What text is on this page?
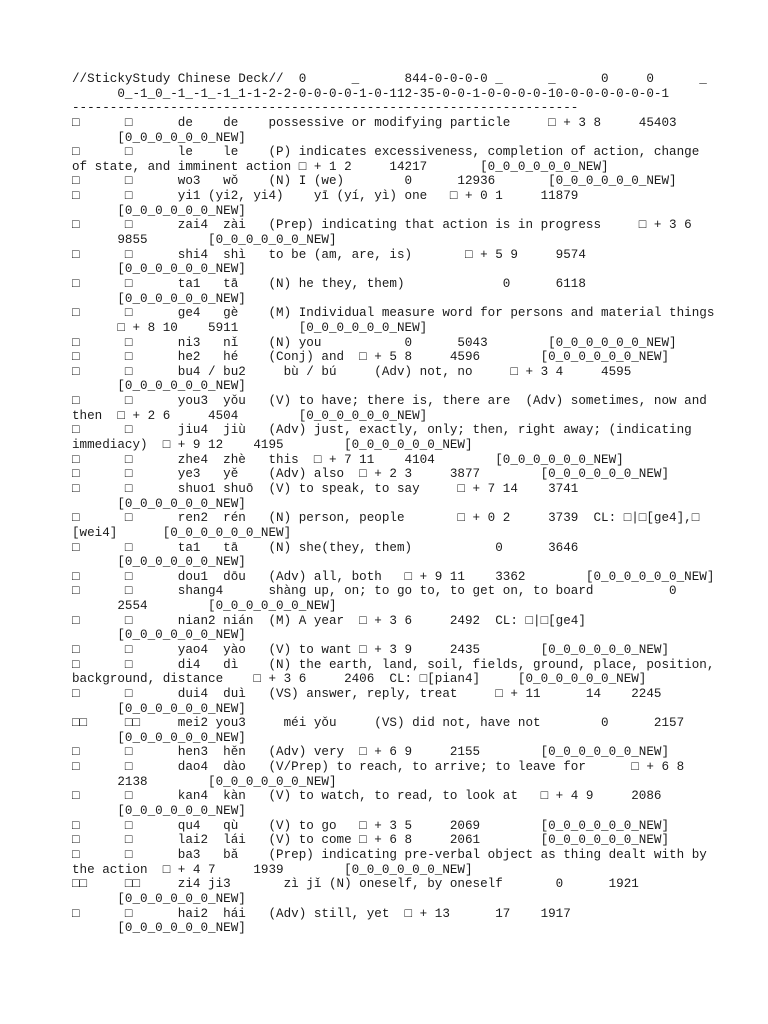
//StickyStudy Chinese Deck//  0      _      844-0-0-0-0 _      _      0     0      _
0_-1_0_-1_-1_-1_1-1-2-2-0-0-0-0-1-0-112-35-0-0-1-0-0-0-0-10-0-0-0-0-0-0-1
-------------------------------------------------------------------
□      □      de    de    possessive or modifying particle     □ + 3 8     45403
[0_0_0_0_0_0_NEW]
□      □      le    le    (P) indicates excessiveness, completion of action, change
of state, and imminent action □ + 1 2     14217       [0_0_0_0_0_0_NEW]
□      □      wo3   wǒ    (N) I (we)        0      12936       [0_0_0_0_0_0_NEW]
□      □      yi1 (yi2, yi4)    yī (yí, yì) one   □ + 0 1     11879
[0_0_0_0_0_0_NEW]
□      □      zai4  zài   (Prep) indicating that action is in progress     □ + 3 6
9855        [0_0_0_0_0_0_NEW]
□      □      shi4  shì   to be (am, are, is)       □ + 5 9     9574
[0_0_0_0_0_0_NEW]
□      □      ta1   tā    (N) he they, them)             0      6118
[0_0_0_0_0_0_NEW]
□      □      ge4   gè    (M) Individual measure word for persons and material things
□ + 8 10    5911        [0_0_0_0_0_0_NEW]
□      □      ni3   nǐ    (N) you           0      5043        [0_0_0_0_0_0_NEW]
□      □      he2   hé    (Conj) and  □ + 5 8     4596        [0_0_0_0_0_0_NEW]
□      □      bu4 / bu2     bù / bú     (Adv) not, no     □ + 3 4     4595
[0_0_0_0_0_0_NEW]
□      □      you3  yǒu   (V) to have; there is, there are  (Adv) sometimes, now and
then  □ + 2 6     4504        [0_0_0_0_0_0_NEW]
□      □      jiu4  jiù   (Adv) just, exactly, only; then, right away; (indicating
immediacy)  □ + 9 12    4195        [0_0_0_0_0_0_NEW]
□      □      zhe4  zhè   this  □ + 7 11    4104        [0_0_0_0_0_0_NEW]
□      □      ye3   yě    (Adv) also  □ + 2 3     3877        [0_0_0_0_0_0_NEW]
□      □      shuo1 shuō  (V) to speak, to say     □ + 7 14    3741
[0_0_0_0_0_0_NEW]
□      □      ren2  rén   (N) person, people       □ + 0 2     3739  CL: □|□[ge4],□
[wei4]      [0_0_0_0_0_0_NEW]
□      □      ta1   tā    (N) she(they, them)           0      3646
[0_0_0_0_0_0_NEW]
□      □      dou1  dōu   (Adv) all, both   □ + 9 11    3362        [0_0_0_0_0_0_NEW]
□      □      shang4      shàng up, on; to go to, to get on, to board          0
2554        [0_0_0_0_0_0_NEW]
□      □      nian2 nián  (M) A year  □ + 3 6     2492  CL: □|□[ge4]
[0_0_0_0_0_0_NEW]
□      □      yao4  yào   (V) to want □ + 3 9     2435        [0_0_0_0_0_0_NEW]
□      □      di4   dì    (N) the earth, land, soil, fields, ground, place, position,
background, distance    □ + 3 6     2406  CL: □[pian4]     [0_0_0_0_0_0_NEW]
□      □      dui4  duì   (VS) answer, reply, treat     □ + 11      14    2245
[0_0_0_0_0_0_NEW]
□□     □□     mei2 you3     méi yǒu     (VS) did not, have not        0      2157
[0_0_0_0_0_0_NEW]
□      □      hen3  hěn   (Adv) very  □ + 6 9     2155        [0_0_0_0_0_0_NEW]
□      □      dao4  dào   (V/Prep) to reach, to arrive; to leave for      □ + 6 8
2138        [0_0_0_0_0_0_NEW]
□      □      kan4  kàn   (V) to watch, to read, to look at   □ + 4 9     2086
[0_0_0_0_0_0_NEW]
□      □      qu4   qù    (V) to go   □ + 3 5     2069        [0_0_0_0_0_0_NEW]
□      □      lai2  lái   (V) to come □ + 6 8     2061        [0_0_0_0_0_0_NEW]
□      □      ba3   bǎ    (Prep) indicating pre-verbal object as thing dealt with by
the action  □ + 4 7     1939        [0_0_0_0_0_0_NEW]
□□     □□     zi4 ji3       zì jǐ (N) oneself, by oneself       0      1921
[0_0_0_0_0_0_NEW]
□      □      hai2  hái   (Adv) still, yet  □ + 13      17    1917
[0_0_0_0_0_0_NEW]
